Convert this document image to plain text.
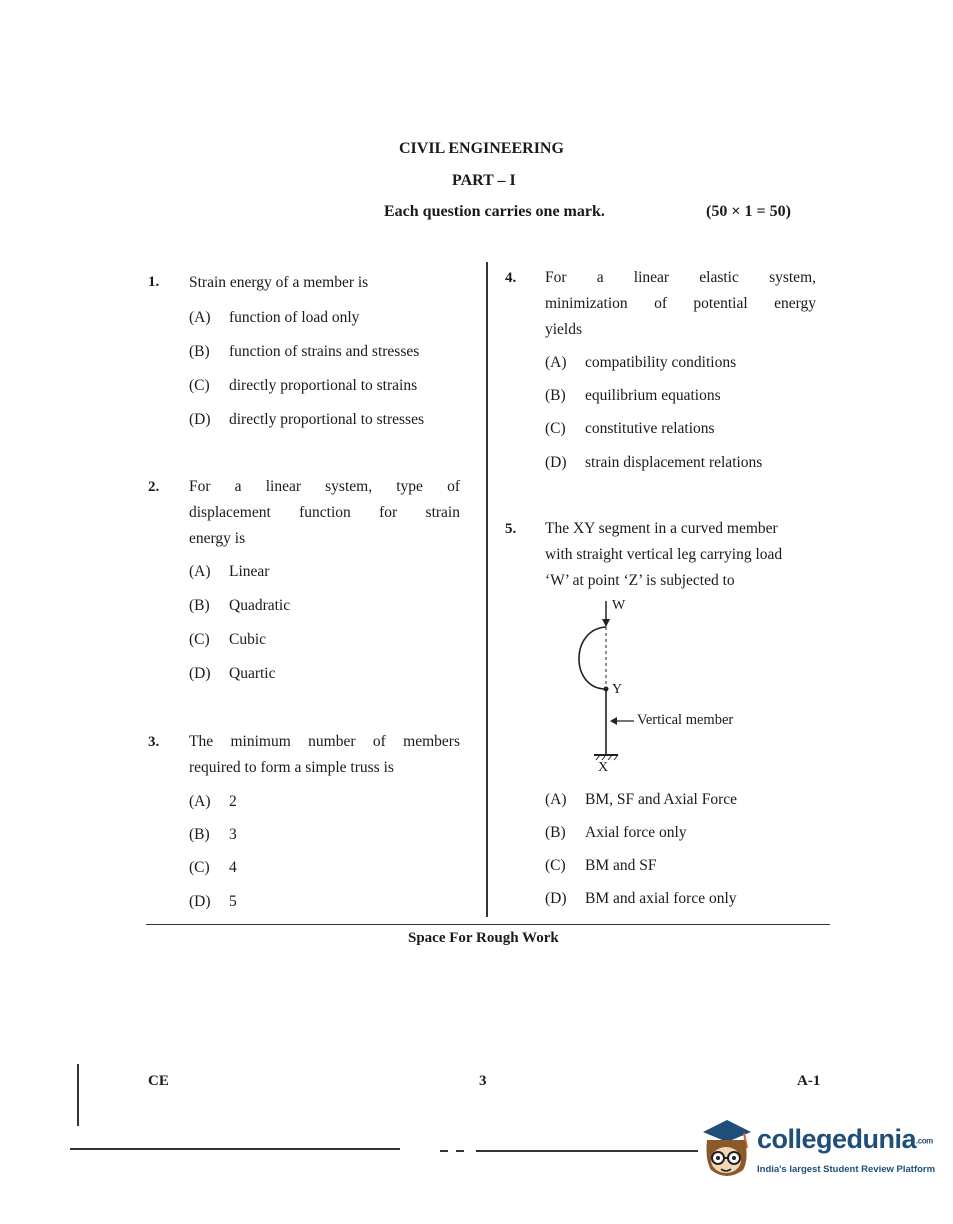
CIVIL ENGINEERING
PART – I
Each question carries one mark.	(50 × 1 = 50)
1. Strain energy of a member is
(A) function of load only
(B) function of strains and stresses
(C) directly proportional to strains
(D) directly proportional to stresses
2. For a linear system, type of
displacement function for strain
energy is
(A) Linear
(B) Quadratic
(C) Cubic
(D) Quartic
3. The minimum number of members
required to form a simple truss is
(A) 2
(B) 3
(C) 4
(D) 5
4. For a linear elastic system,
minimization of potential energy
yields
(A) compatibility conditions
(B) equilibrium equations
(C) constitutive relations
(D) strain displacement relations
5. The XY segment in a curved member
with straight vertical leg carrying load
‘W’ at point ‘Z’ is subjected to
W
Y
X
Vertical member
(A) BM, SF and Axial Force
(B) Axial force only
(C) BM and SF
(D) BM and axial force only
Space For Rough Work
CE	3	A-1
collegedunia.com
India's largest Student Review Platform
